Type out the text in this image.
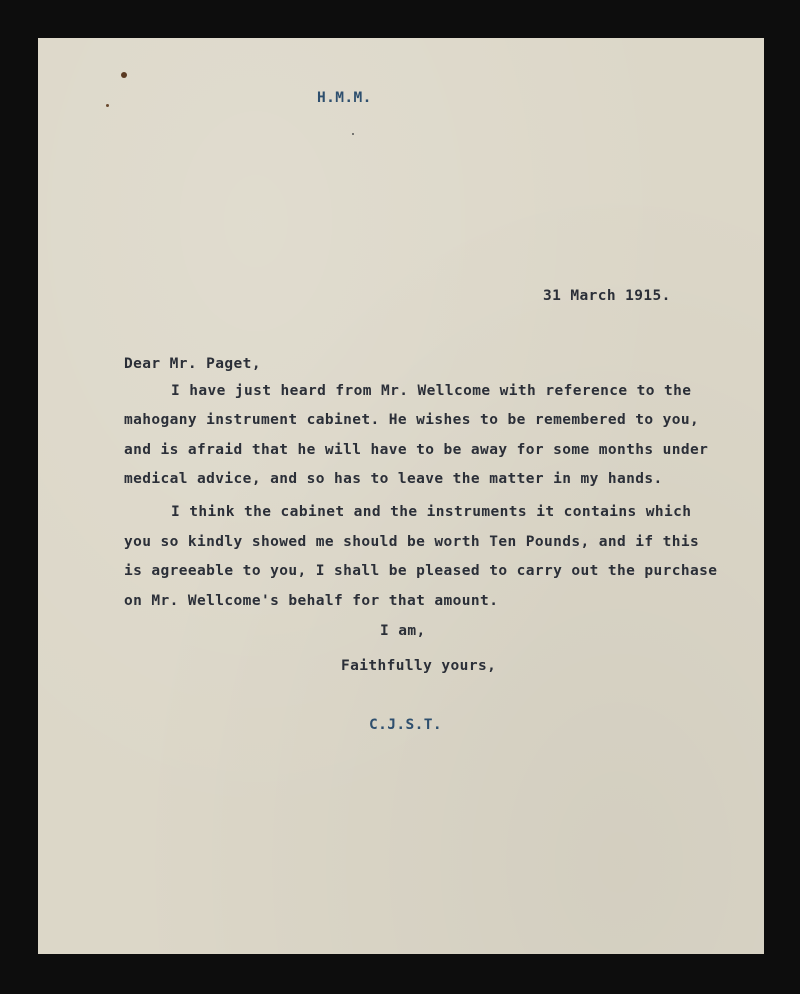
H.M.M.
31 March 1915.
Dear Mr. Paget,
I have just heard from Mr. Wellcome with reference to the
mahogany instrument cabinet. He wishes to be remembered to you,
and is afraid that he will have to be away for some months under
medical advice, and so has to leave the matter in my hands.
I think the cabinet and the instruments it contains which
you so kindly showed me should be worth Ten Pounds, and if this
is agreeable to you, I shall be pleased to carry out the purchase
on Mr. Wellcome's behalf for that amount.
I am,
Faithfully yours,
C.J.S.T.
